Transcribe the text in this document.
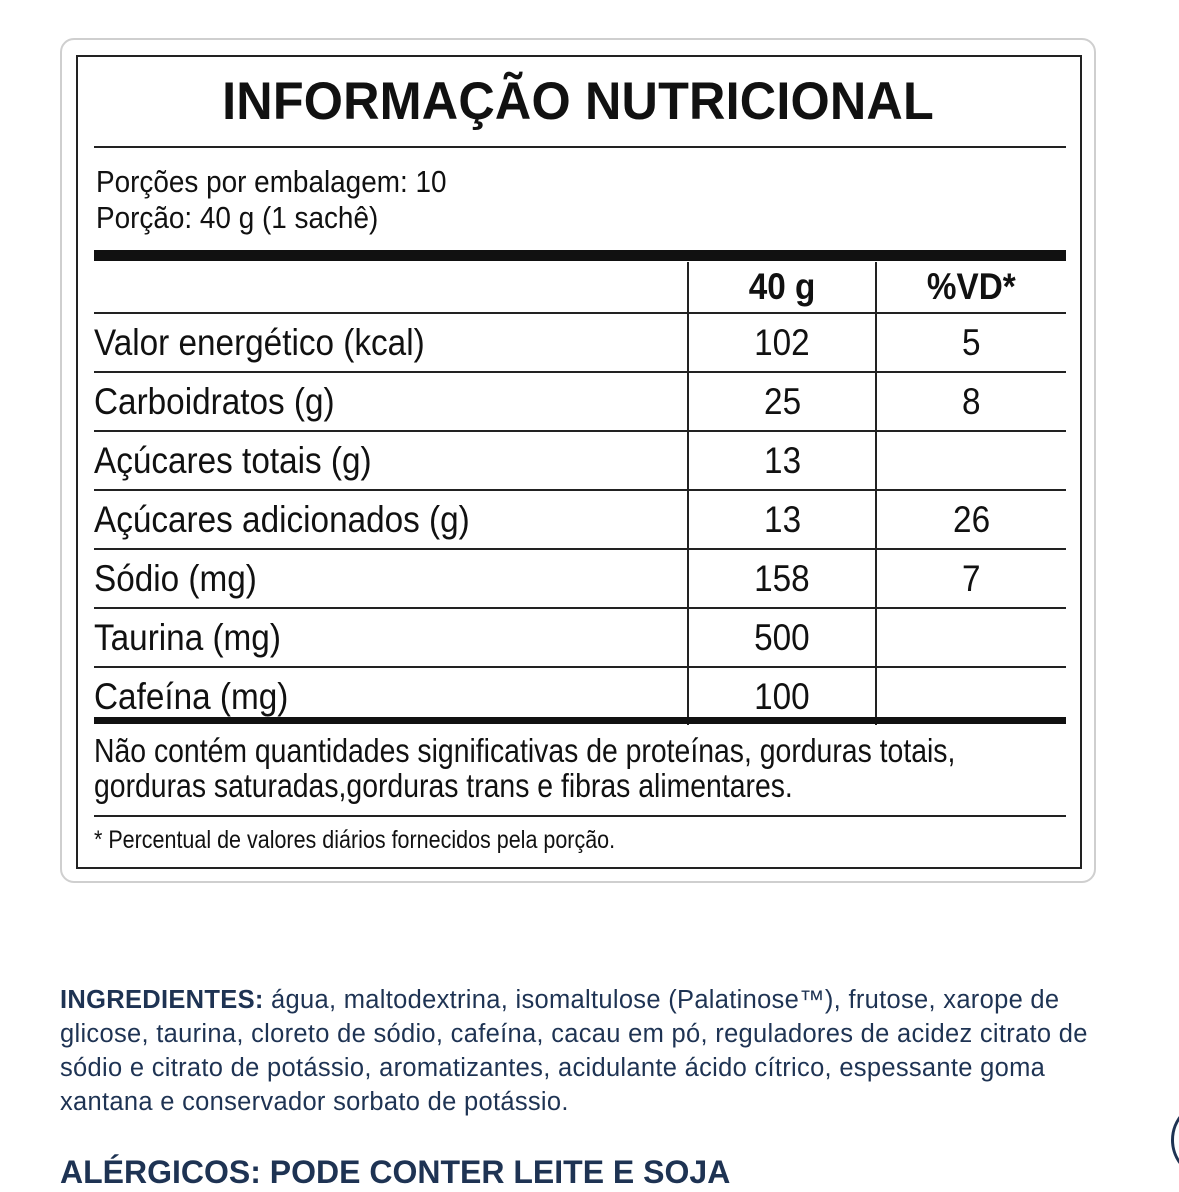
INFORMAÇÃO NUTRICIONAL
Porções por embalagem: 10
Porção: 40 g (1 sachê)
	40 g	%VD*
Valor energético (kcal)	102	5
Carboidratos (g)	25	8
Açúcares totais (g)	13	
Açúcares adicionados (g)	13	26
Sódio (mg)	158	7
Taurina (mg)	500	
Cafeína (mg)	100	
Não contém quantidades significativas de proteínas, gorduras totais, gorduras saturadas,gorduras trans e fibras alimentares.
* Percentual de valores diários fornecidos pela porção.
INGREDIENTES: água, maltodextrina, isomaltulose (Palatinose™), frutose, xarope de glicose, taurina, cloreto de sódio, cafeína, cacau em pó, reguladores de acidez citrato de sódio e citrato de potássio, aromatizantes, acidulante ácido cítrico, espessante goma xantana e conservador sorbato de potássio.
ALÉRGICOS: PODE CONTER LEITE E SOJA
